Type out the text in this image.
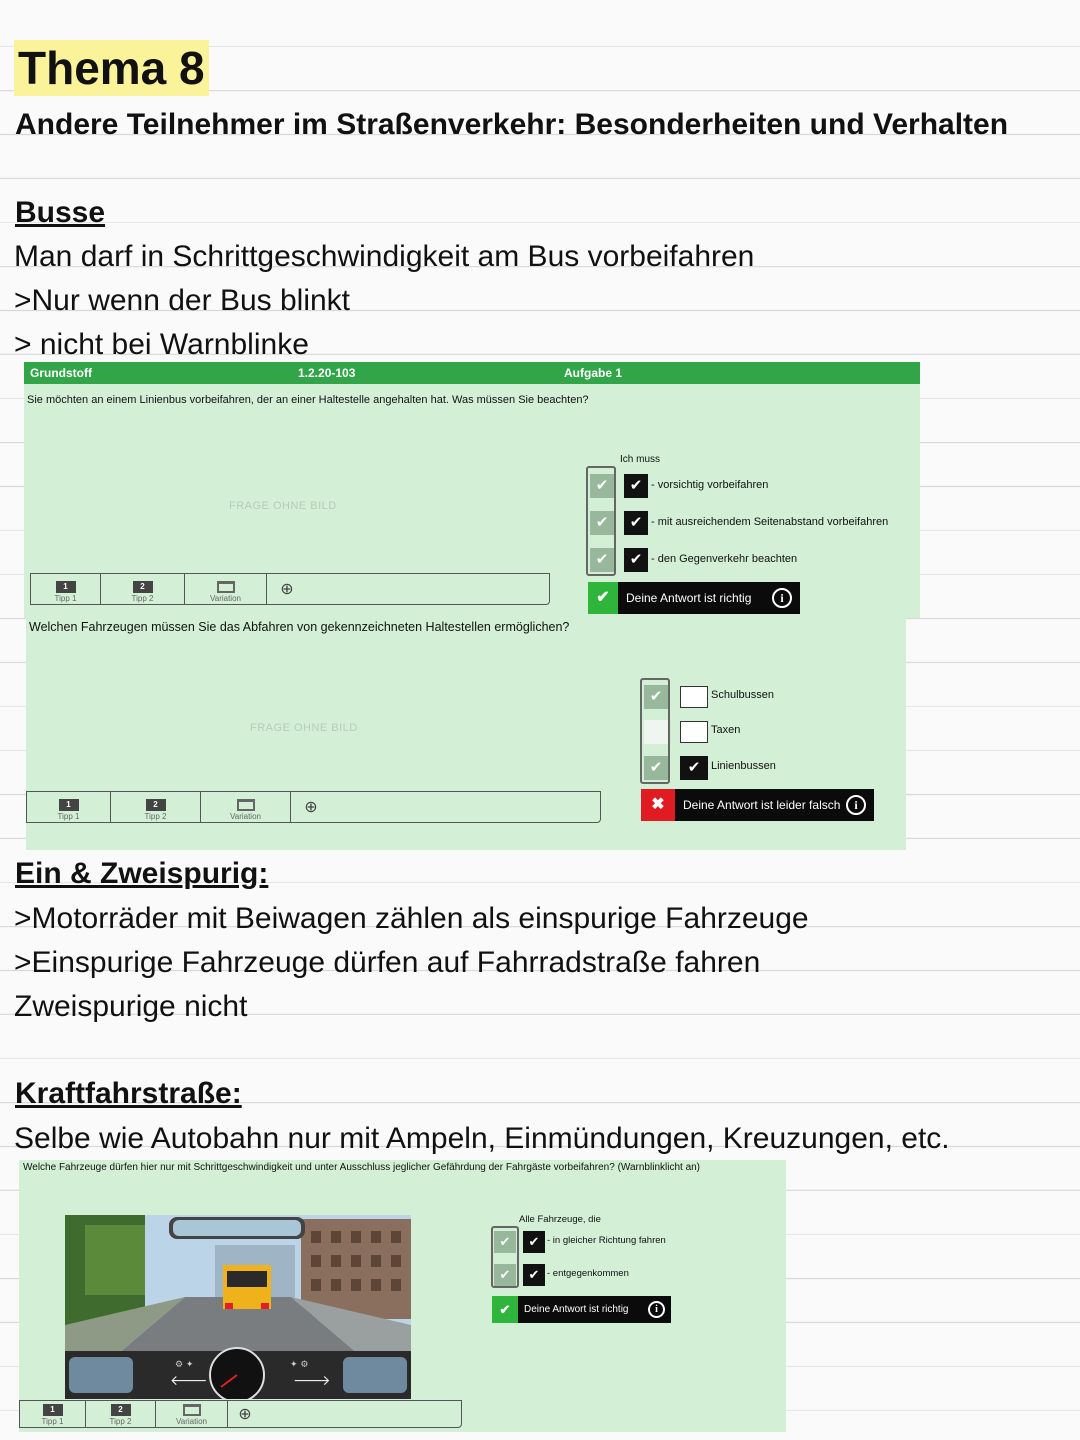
Thema 8
Andere Teilnehmer im Straßenverkehr: Besonderheiten und Verhalten
Busse
Man darf in Schrittgeschwindigkeit am Bus vorbeifahren
>Nur wenn der Bus blinkt
> nicht bei Warnblinke
Grundstoff	1.2.20-103	Aufgabe 1
Sie möchten an einem Linienbus vorbeifahren, der an einer Haltestelle angehalten hat. Was müssen Sie beachten?
FRAGE OHNE BILD
1
Tipp 1
2
Tipp 2	Variation
⊕
Ich muss
✔	✔ - vorsichtig vorbeifahren
✔	✔ - mit ausreichendem Seitenabstand vorbeifahren
✔	✔ - den Gegenverkehr beachten
✔	Deine Antwort ist richtig	i
Welchen Fahrzeugen müssen Sie das Abfahren von gekennzeichneten Haltestellen ermöglichen?
FRAGE OHNE BILD
1
Tipp 1
2
Tipp 2	Variation
⊕
✔	Schulbussen
Taxen
✔	✔ Linienbussen
✖	Deine Antwort ist leider falsch	i
Ein & Zweispurig:
>Motorräder mit Beiwagen zählen als einspurige Fahrzeuge
>Einspurige Fahrzeuge dürfen auf Fahrradstraße fahren
Zweispurige nicht
Kraftfahrstraße:
Selbe wie Autobahn nur mit Ampeln, Einmündungen, Kreuzungen, etc.
Welche Fahrzeuge dürfen hier nur mit Schrittgeschwindigkeit und unter Ausschluss jeglicher Gefährdung der Fahrgäste vorbeifahren? (Warnblinklicht an)
⚙ ✦	✦ ⚙
🡐	🡒
1
Tipp 1
2
Tipp 2	Variation ⊕
Alle Fahrzeuge, die
✔	✔ - in gleicher Richtung fahren
✔	✔ - entgegenkommen
✔	Deine Antwort ist richtig	i
